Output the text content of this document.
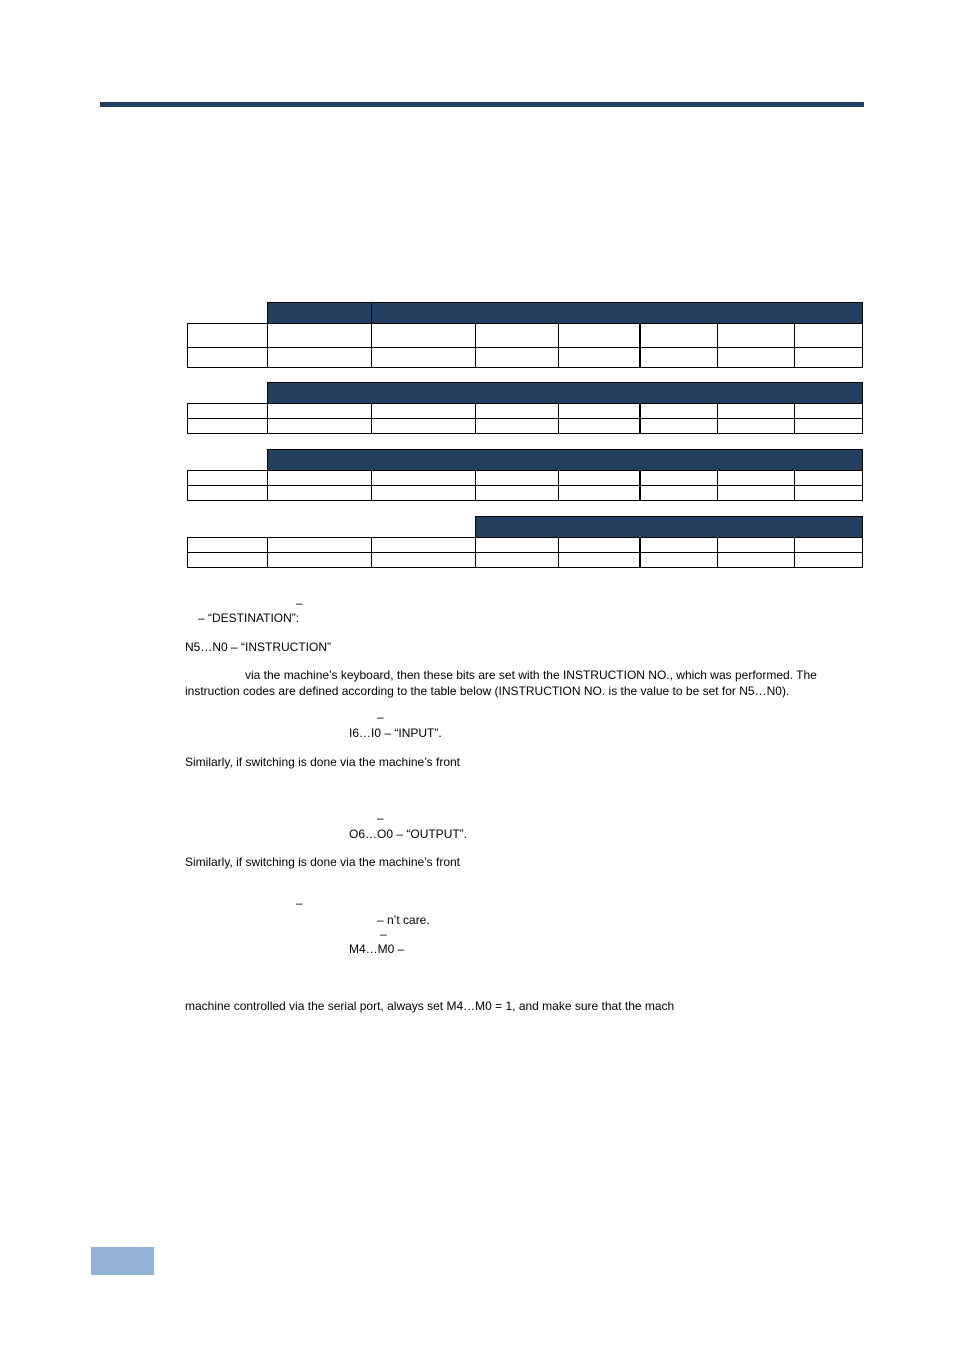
–
– “DESTINATION”:
N5…N0 – “INSTRUCTION”
via the machine’s keyboard, then these bits are set with the INSTRUCTION NO., which was performed. The
instruction codes are defined according to the table below (INSTRUCTION NO. is the value to be set for N5…N0).
–
I6…I0 – “INPUT”.
Similarly, if switching is done via the machine’s front
–
O6…O0 – “OUTPUT”.
Similarly, if switching is done via the machine’s front
–
– n’t care.
–
M4…M0 –
machine controlled via the serial port, always set M4…M0 = 1, and make sure that the mach
